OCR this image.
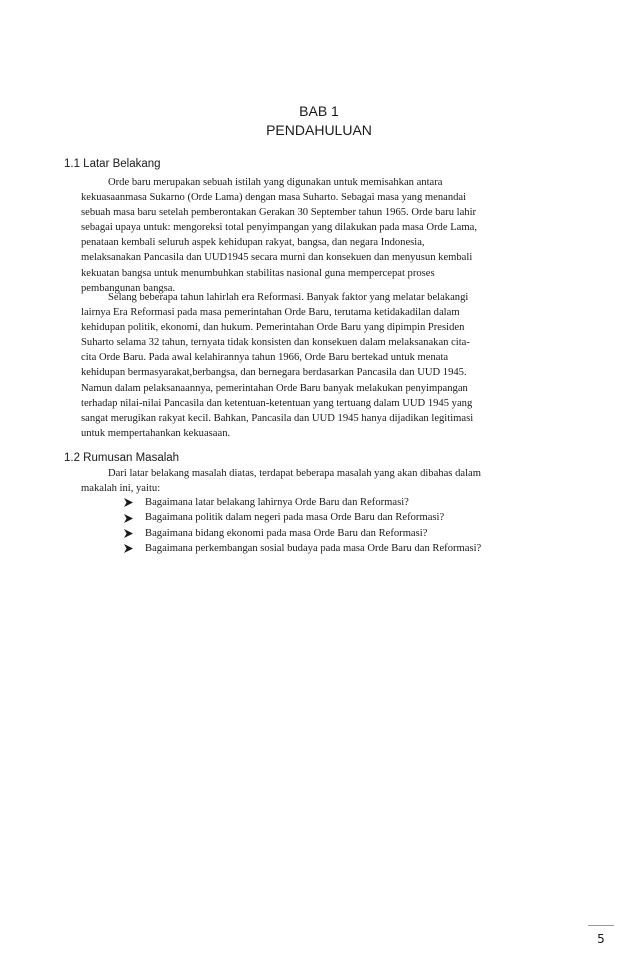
BAB 1
PENDAHULUAN
1.1 Latar Belakang
Orde baru merupakan sebuah istilah yang digunakan untuk memisahkan antara
kekuasaanmasa Sukarno (Orde Lama) dengan masa Suharto. Sebagai masa yang menandai
sebuah masa baru setelah pemberontakan Gerakan 30 September tahun 1965. Orde baru lahir
sebagai upaya untuk: mengoreksi total penyimpangan yang dilakukan pada masa Orde Lama,
penataan kembali seluruh aspek kehidupan rakyat, bangsa, dan negara Indonesia,
melaksanakan Pancasila dan UUD1945 secara murni dan konsekuen dan menyusun kembali
kekuatan bangsa untuk menumbuhkan stabilitas nasional guna mempercepat proses
pembangunan bangsa.
Selang beberapa tahun lahirlah era Reformasi. Banyak faktor yang melatar belakangi
lairnya Era Reformasi pada masa pemerintahan Orde Baru, terutama ketidakadilan dalam
kehidupan politik, ekonomi, dan hukum. Pemerintahan Orde Baru yang dipimpin Presiden
Suharto selama 32 tahun, ternyata tidak konsisten dan konsekuen dalam melaksanakan cita-
cita Orde Baru. Pada awal kelahirannya tahun 1966, Orde Baru bertekad untuk menata
kehidupan bermasyarakat,berbangsa, dan bernegara berdasarkan Pancasila dan UUD 1945.
Namun dalam pelaksanaannya, pemerintahan Orde Baru banyak melakukan penyimpangan
terhadap nilai-nilai Pancasila dan ketentuan-ketentuan yang tertuang dalam UUD 1945 yang
sangat merugikan rakyat kecil. Bahkan, Pancasila dan UUD 1945 hanya dijadikan legitimasi
untuk mempertahankan kekuasaan.
1.2 Rumusan Masalah
Dari latar belakang masalah diatas, terdapat beberapa masalah yang akan dibahas dalam
makalah ini, yaitu:
Bagaimana latar belakang lahirnya Orde Baru dan Reformasi?
Bagaimana politik dalam negeri pada masa Orde Baru dan Reformasi?
Bagaimana bidang ekonomi pada masa Orde Baru dan Reformasi?
Bagaimana perkembangan sosial budaya pada masa Orde Baru dan Reformasi?
5
